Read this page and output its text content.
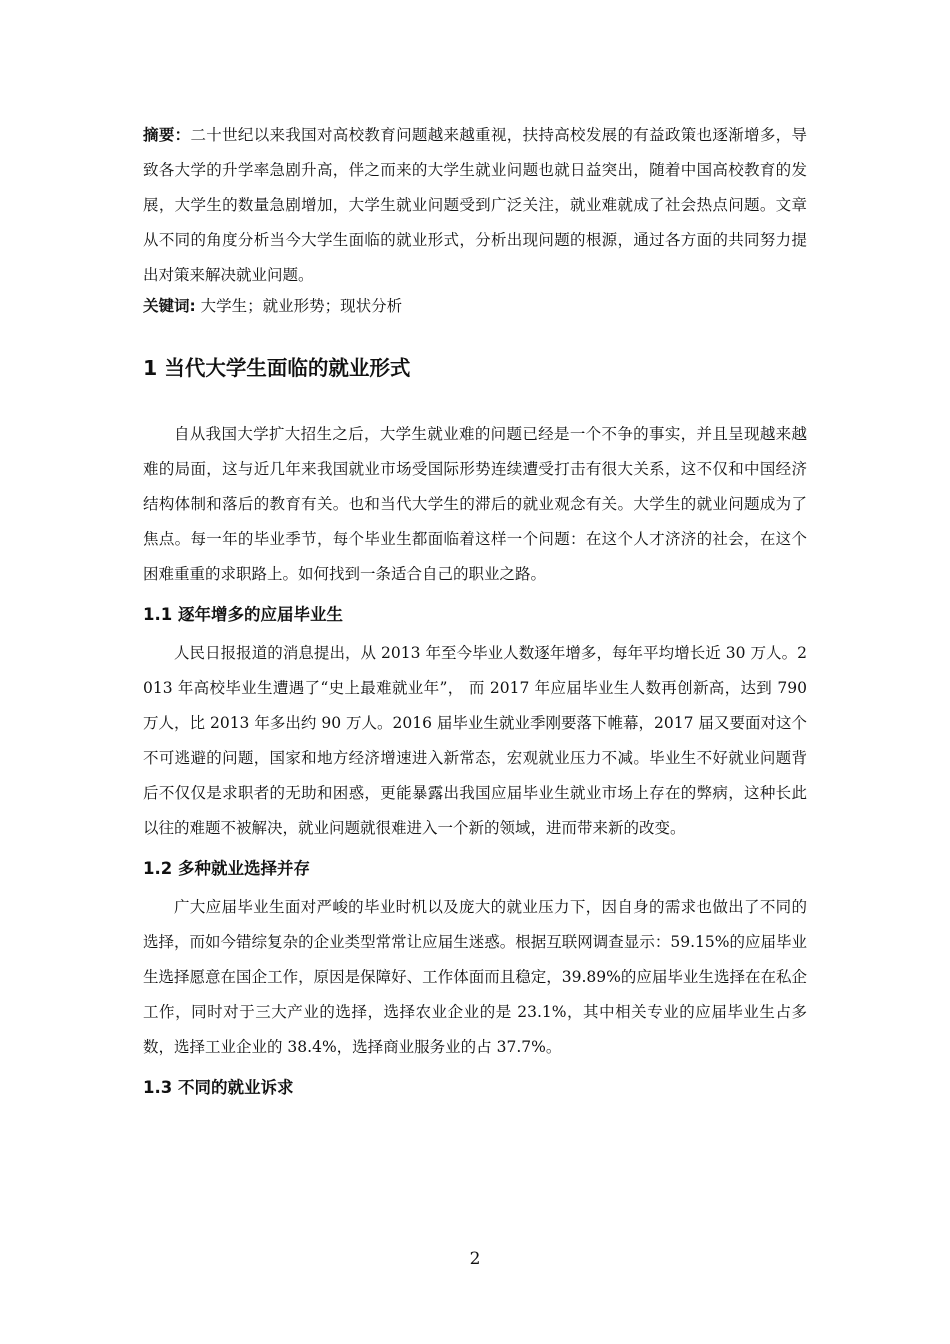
摘要：二十世纪以来我国对高校教育问题越来越重视，扶持高校发展的有益政策也逐渐增多，导致各大学的升学率急剧升高，伴之而来的大学生就业问题也就日益突出，随着中国高校教育的发展，大学生的数量急剧增加，大学生就业问题受到广泛关注，就业难就成了社会热点问题。文章从不同的角度分析当今大学生面临的就业形式，分析出现问题的根源，通过各方面的共同努力提出对策来解决就业问题。

关键词: 大学生；就业形势；现状分析

1 当代大学生面临的就业形式

自从我国大学扩大招生之后，大学生就业难的问题已经是一个不争的事实，并且呈现越来越难的局面，这与近几年来我国就业市场受国际形势连续遭受打击有很大关系，这不仅和中国经济结构体制和落后的教育有关。也和当代大学生的滞后的就业观念有关。大学生的就业问题成为了焦点。每一年的毕业季节，每个毕业生都面临着这样一个问题：在这个人才济济的社会，在这个困难重重的求职路上。如何找到一条适合自己的职业之路。

1.1 逐年增多的应届毕业生

人民日报报道的消息提出，从 2013 年至今毕业人数逐年增多，每年平均增长近 30 万人。2013 年高校毕业生遭遇了“史上最难就业年”， 而 2017 年应届毕业生人数再创新高，达到 790 万人，比 2013 年多出约 90 万人。2016 届毕业生就业季刚要落下帷幕，2017 届又要面对这个不可逃避的问题，国家和地方经济增速进入新常态，宏观就业压力不减。毕业生不好就业问题背后不仅仅是求职者的无助和困惑，更能暴露出我国应届毕业生就业市场上存在的弊病，这种长此以往的难题不被解决，就业问题就很难进入一个新的领域，进而带来新的改变。

1.2 多种就业选择并存

广大应届毕业生面对严峻的毕业时机以及庞大的就业压力下，因自身的需求也做出了不同的选择，而如今错综复杂的企业类型常常让应届生迷惑。根据互联网调查显示：59.15%的应届毕业生选择愿意在国企工作，原因是保障好、工作体面而且稳定，39.89%的应届毕业生选择在在私企工作，同时对于三大产业的选择，选择农业企业的是 23.1%，其中相关专业的应届毕业生占多数，选择工业企业的 38.4%，选择商业服务业的占 37.7%。

1.3 不同的就业诉求
2
